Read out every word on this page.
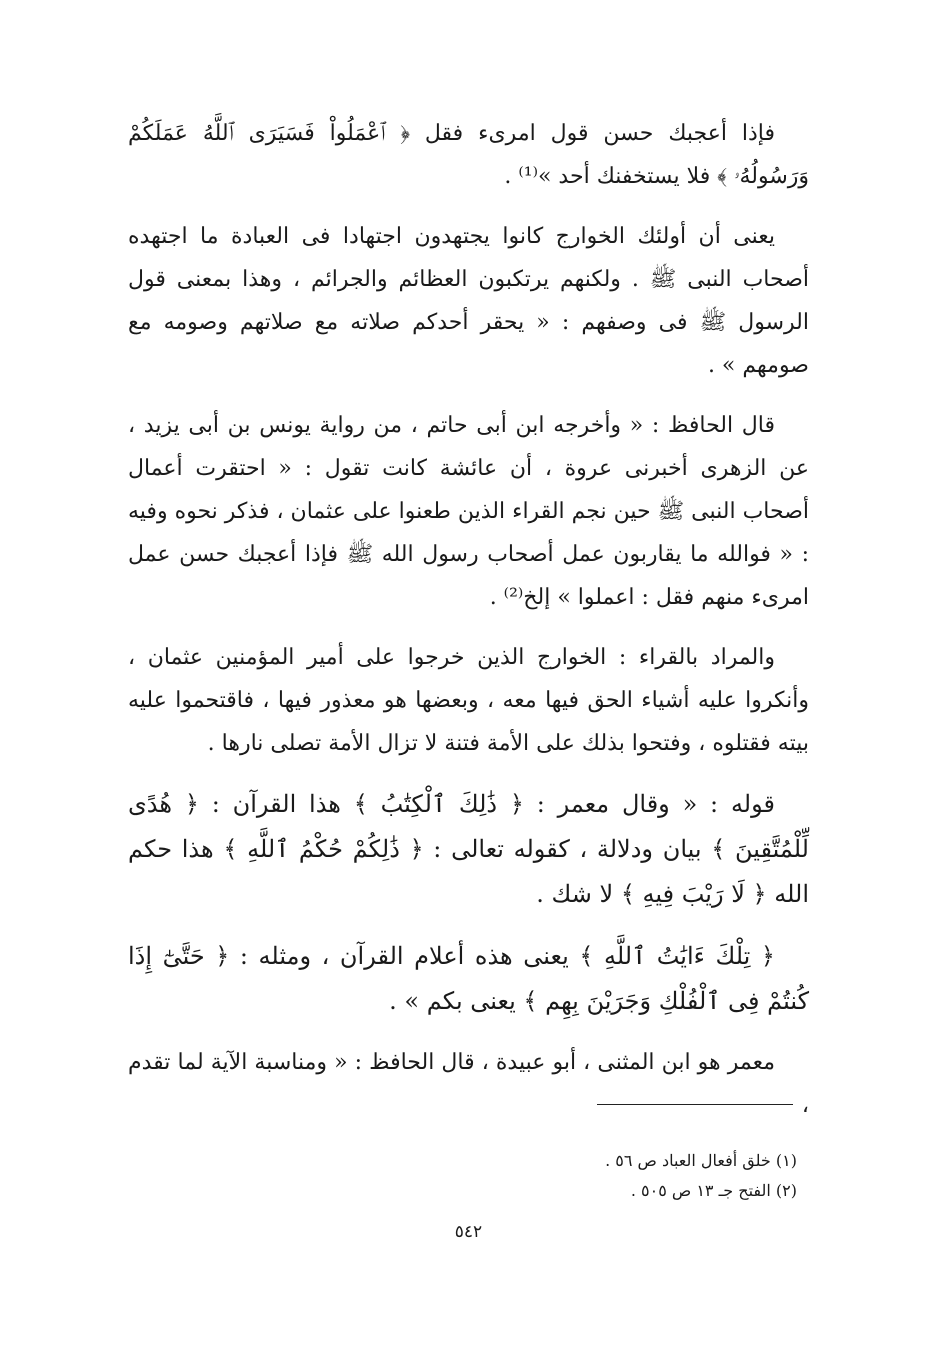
فإذا أعجبك حسن قول امرىء فقل ﴿ ٱعْمَلُواْ فَسَيَرَى ٱللَّهُ عَمَلَكُمْ وَرَسُولُهُۥ ﴾ فلا يستخفنك أحد »⁽¹⁾ .

يعنى أن أولئك الخوارج كانوا يجتهدون اجتهادا فى العبادة ما اجتهده أصحاب النبى ﷺ . ولكنهم يرتكبون العظائم والجرائم ، وهذا بمعنى قول الرسول ﷺ فى وصفهم : « يحقر أحدكم صلاته مع صلاتهم وصومه مع صومهم » .

قال الحافظ : « وأخرجه ابن أبى حاتم ، من رواية يونس بن أبى يزيد ، عن الزهرى أخبرنى عروة ، أن عائشة كانت تقول : « احتقرت أعمال أصحاب النبى ﷺ حين نجم القراء الذين طعنوا على عثمان ، فذكر نحوه وفيه : « فوالله ما يقاربون عمل أصحاب رسول الله ﷺ فإذا أعجبك حسن عمل امرىء منهم فقل : اعملوا » إلخ⁽²⁾ .

والمراد بالقراء : الخوارج الذين خرجوا على أمير المؤمنين عثمان ، وأنكروا عليه أشياء الحق فيها معه ، وبعضها هو معذور فيها ، فاقتحموا عليه بيته فقتلوه ، وفتحوا بذلك على الأمة فتنة لا تزال الأمة تصلى نارها .

قوله : « وقال معمر : ﴿ ذَٰلِكَ ٱلْكِتَٰبُ ﴾ هذا القرآن : ﴿ هُدًى لِّلْمُتَّقِينَ ﴾ بيان ودلالة ، كقوله تعالى : ﴿ ذَٰلِكُمْ حُكْمُ ٱللَّهِ ﴾ هذا حكم الله ﴿ لَا رَيْبَ فِيهِ ﴾ لا شك .

﴿ تِلْكَ ءَايَٰتُ ٱللَّهِ ﴾ يعنى هذه أعلام القرآن ، ومثله : ﴿ حَتَّىٰٓ إِذَا كُنتُمْ فِى ٱلْفُلْكِ وَجَرَيْنَ بِهِم ﴾ يعنى بكم » .

معمر هو ابن المثنى ، أبو عبيدة ، قال الحافظ : « ومناسبة الآية لما تقدم ،

(١) خلق أفعال العباد ص ٥٦ .

(٢) الفتح جـ ١٣ ص ٥٠٥ .

٥٤٢
